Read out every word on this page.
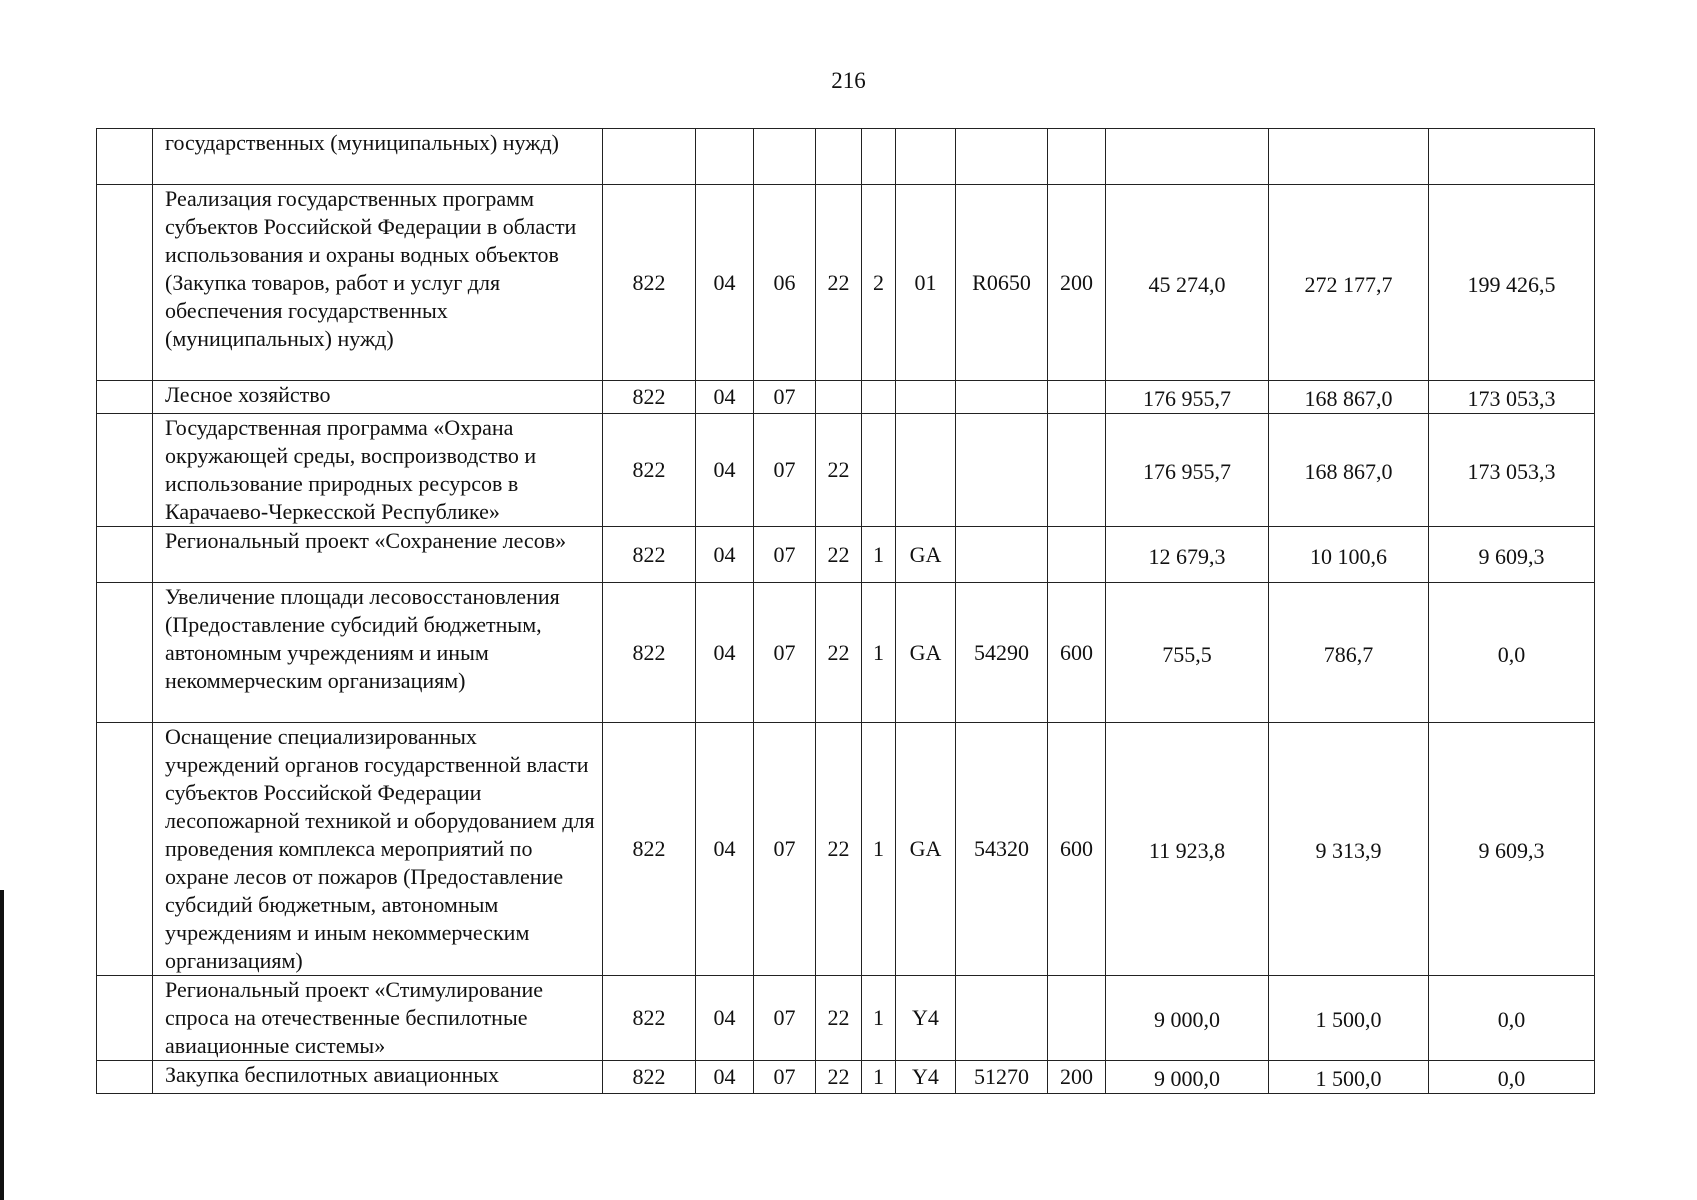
216
	государственных (муниципальных) нужд)											
	Реализация государственных программ субъектов Российской Федерации в области использования и охраны водных объектов (Закупка товаров, работ и услуг для обеспечения государственных (муниципальных) нужд)	822	04	06	22	2	01	R0650	200	45 274,0	272 177,7	199 426,5
	Лесное хозяйство	822	04	07						176 955,7	168 867,0	173 053,3
	Государственная программа «Охрана окружающей среды, воспроизводство и использование природных ресурсов в Карачаево-Черкесской Республике»	822	04	07	22					176 955,7	168 867,0	173 053,3
	Региональный проект «Сохранение лесов»	822	04	07	22	1	GA			12 679,3	10 100,6	9 609,3
	Увеличение площади лесовосстановления (Предоставление субсидий бюджетным, автономным учреждениям и иным некоммерческим организациям)	822	04	07	22	1	GA	54290	600	755,5	786,7	0,0
	Оснащение специализированных учреждений органов государственной власти субъектов Российской Федерации лесопожарной техникой и оборудованием для проведения комплекса мероприятий по охране лесов от пожаров (Предоставление субсидий бюджетным, автономным учреждениям и иным некоммерческим организациям)	822	04	07	22	1	GA	54320	600	11 923,8	9 313,9	9 609,3
	Региональный проект «Стимулирование спроса на отечественные беспилотные авиационные системы»	822	04	07	22	1	Y4			9 000,0	1 500,0	0,0
	Закупка беспилотных авиационных	822	04	07	22	1	Y4	51270	200	9 000,0	1 500,0	0,0
